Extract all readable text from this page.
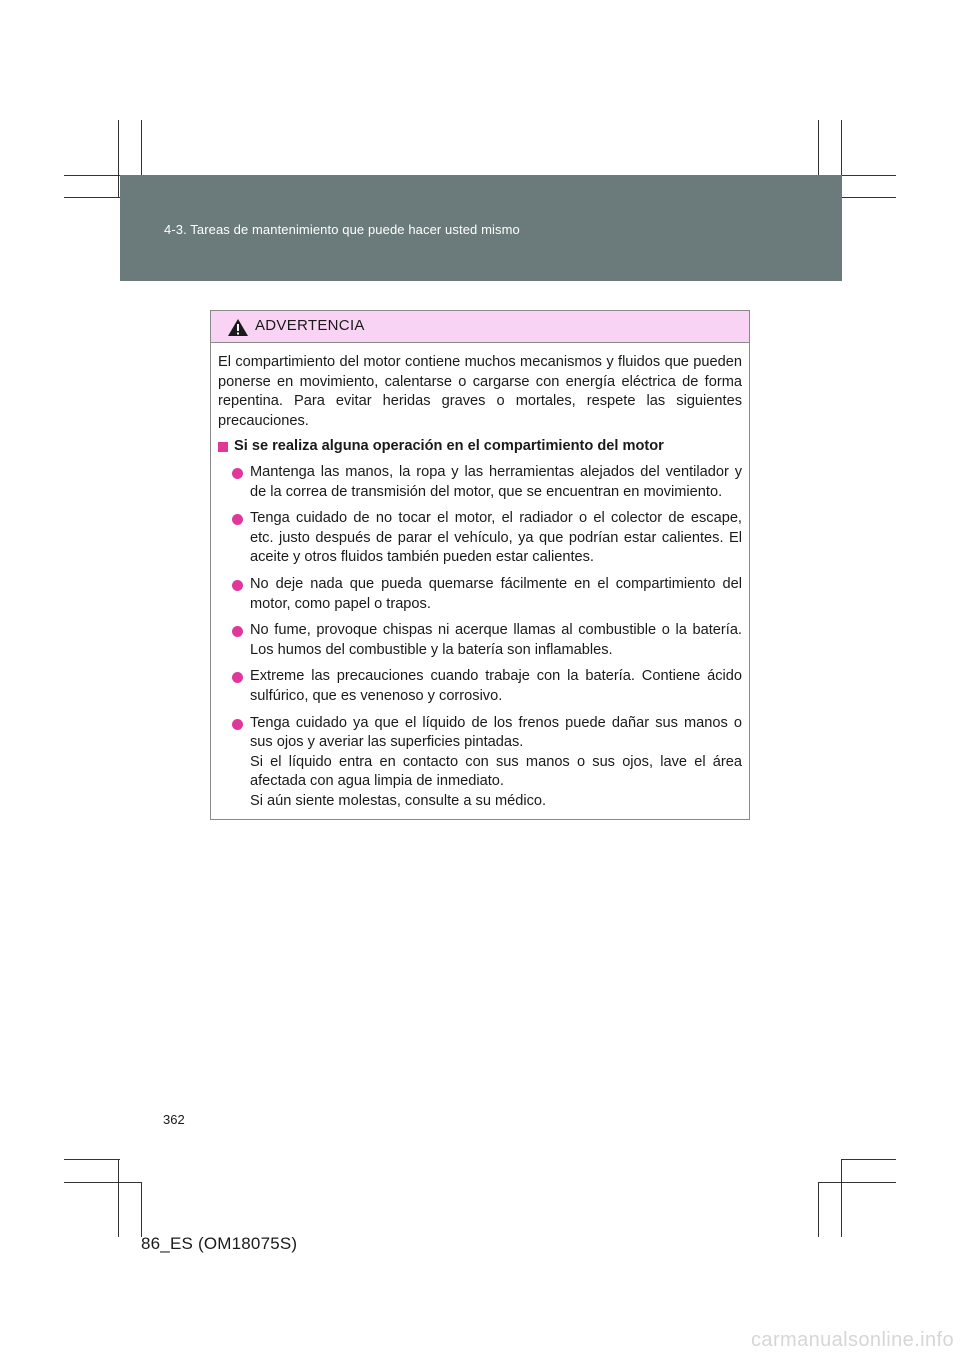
4-3. Tareas de mantenimiento que puede hacer usted mismo
ADVERTENCIA

El compartimiento del motor contiene muchos mecanismos y fluidos que pueden ponerse en movimiento, calentarse o cargarse con energía eléctrica de forma repentina. Para evitar heridas graves o mortales, respete las siguientes precauciones.

Si se realiza alguna operación en el compartimiento del motor
Mantenga las manos, la ropa y las herramientas alejados del ventilador y
de la correa de transmisión del motor, que se encuentran en movimiento.
Tenga cuidado de no tocar el motor, el radiador o el colector de escape,
etc. justo después de parar el vehículo, ya que podrían estar calientes. El
aceite y otros fluidos también pueden estar calientes.
No deje nada que pueda quemarse fácilmente en el compartimiento del
motor, como papel o trapos.
No fume, provoque chispas ni acerque llamas al combustible o la batería.
Los humos del combustible y la batería son inflamables.
Extreme las precauciones cuando trabaje con la batería. Contiene ácido
sulfúrico, que es venenoso y corrosivo.
Tenga cuidado ya que el líquido de los frenos puede dañar sus manos o
sus ojos y averiar las superficies pintadas.
Si el líquido entra en contacto con sus manos o sus ojos, lave el área
afectada con agua limpia de inmediato.
Si aún siente molestas, consulte a su médico.
362
86_ES (OM18075S)
carmanualsonline.info
